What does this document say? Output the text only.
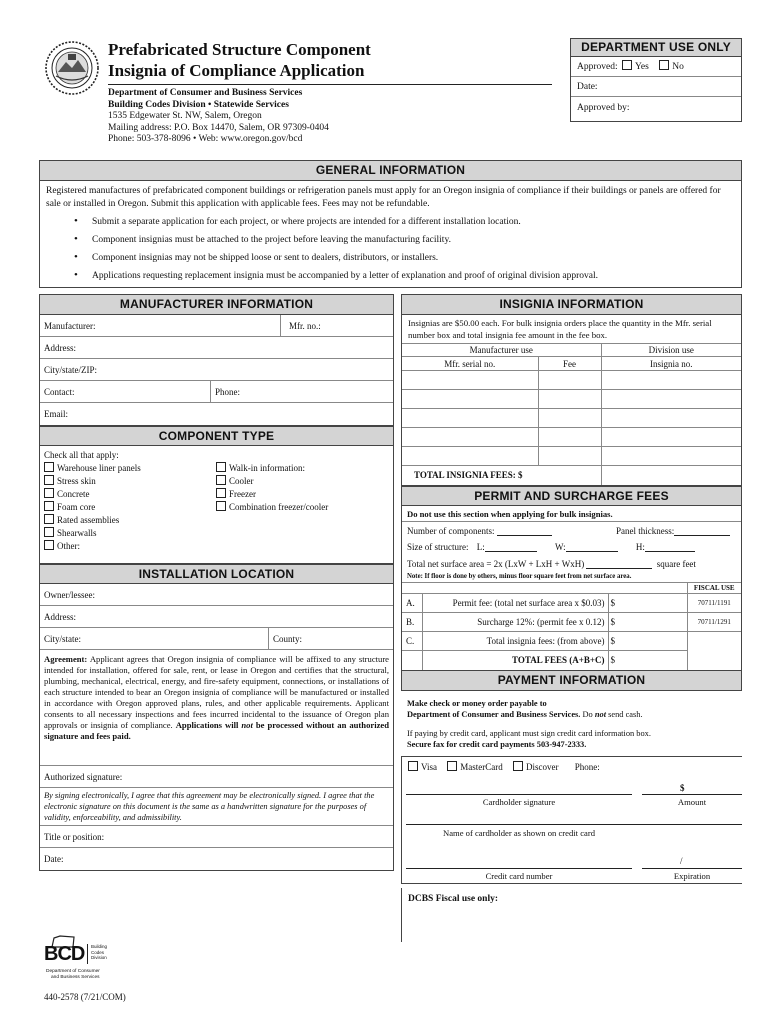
Prefabricated Structure Component
Insignia of Compliance Application
Department of Consumer and Business Services
Building Codes Division • Statewide Services
1535 Edgewater St. NW, Salem, Oregon
Mailing address: P.O. Box 14470, Salem, OR 97309-0404
Phone: 503-378-8096 • Web: www.oregon.gov/bcd
DEPARTMENT USE ONLY
Approved: Yes No
Date:
Approved by:
GENERAL INFORMATION
Registered manufactures of prefabricated component buildings or refrigeration panels must apply for an Oregon insignia of compliance if their buildings or panels are offered for sale or installed in Oregon. Submit this application with applicable fees. Fees may not be refundable.
• Submit a separate application for each project, or where projects are intended for a different installation location.
• Component insignias must be attached to the project before leaving the manufacturing facility.
• Component insignias may not be shipped loose or sent to dealers, distributors, or installers.
• Applications requesting replacement insignia must be accompanied by a letter of explanation and proof of original division approval.
MANUFACTURER INFORMATION
Manufacturer:	Mfr. no.:
Address:
City/state/ZIP:
Contact:	Phone:
Email:
COMPONENT TYPE
Check all that apply:
Warehouse liner panels
Stress skin
Concrete
Foam core
Rated assemblies
Shearwalls
Other:
Walk-in information:
Cooler
Freezer
Combination freezer/cooler
INSTALLATION LOCATION
Owner/lessee:
Address:
City/state:	County:
Agreement: Applicant agrees that Oregon insignia of compliance will be affixed to any structure intended for installation, offered for sale, rent, or lease in Oregon and certifies that the structural, plumbing, mechanical, electrical, energy, and fire-safety equipment, connections, or installations of each structure intended to bear an Oregon insignia of compliance will be manufactured or installed in accordance with Oregon approved plans, rules, and other applicable requirements. Applicant consents to all necessary inspections and fees incurred incidental to the issuance of Oregon plan approvals or insignia of compliance. Applications will not be processed without an authorized signature and fees paid.
Authorized signature:
By signing electronically, I agree that this agreement may be electronically signed. I agree that the electronic signature on this document is the same as a handwritten signature for the purposes of validity, enforceability, and admissibility.
Title or position:
Date:
INSIGNIA INFORMATION
Insignias are $50.00 each. For bulk insignia orders place the quantity in the Mfr. serial number box and total insignia fee amount in the fee box.
Manufacturer use		Division use
Mfr. serial no.	Fee	Insignia no.

TOTAL INSIGNIA FEES: $		
PERMIT AND SURCHARGE FEES
Do not use this section when applying for bulk insignias.
Number of components:	Panel thickness:
Size of structure: L:	W:	H:
Total net surface area = 2x (LxW + LxH + WxH)	square feet
Note: If floor is done by others, minus floor square feet from net surface area.
			FISCAL USE
A.	Permit fee: (total net surface area x $0.03)	$	70711/1191
B.	Surcharge 12%: (permit fee x 0.12)	$	70711/1291
C.	Total insignia fees: (from above)	$	
	TOTAL FEES (A+B+C)	$	
PAYMENT INFORMATION
Make check or money order payable to
Department of Consumer and Business Services. Do not send cash.
If paying by credit card, applicant must sign credit card information box.
Secure fax for credit card payments 503-947-2333.
Visa	MasterCard	Discover Phone:
$
Cardholder signature	Amount
Name of cardholder as shown on credit card
/
Credit card number	Expiration
DCBS Fiscal use only:
BCD Building
Codes
Division
Department of Consumer
and Business Services
440-2578 (7/21/COM)
